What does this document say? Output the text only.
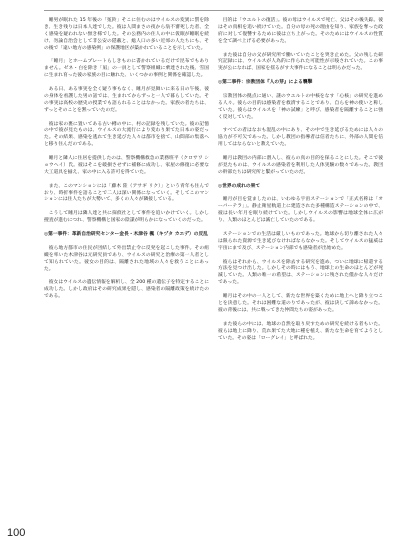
睡男が眠れた 15 年後の「冤鈴」そこに住むのはウイルスの変異に罰を除き、生き残りは日本人達でした。彼は人間まさの夜から翁不審死した者、全く感染を疑われない無き様でした。その公務内の住人の中に仮眠が睡眠を続け、勿論自治会として非公安の隠蔽と、総人口の多い近郊の人たちにも、その後で「遠い地方の感染例」の保護地区が築かれていることを示していた。

「睡月」とホームプレートらしきものに書かれているだけで昆布でもありません。ゼネ・白を除き「凪」の一員として警察組織に乗達された後、雪国に生まれ育った彼の家族の目に触れた、いくつかの事例と関係を確認した。

ある日、ある事実を全く疑う事もなく、睡月が見舞いに来る日の午後、彼の身体を看護した男の話では、生まれてからずっと一人で暮らしていた。その事実は高校の歴史の授業でも語られることはなかった。家族の者たちは、ずっとそのことを黙っていたのだ。

彼は家の裏に置いてある古い樽の中に、村の記録を残していた。彼の記憶の中で彼が見たものは、ウイルスの大流行により変わり果てた日本の姿だった。その結果、感染を逃れて生き延びた人々は都市を捨て、山間部の集落へと移り住んだのである。

睡月と隣人に住居を提供したのは、警察機構救急の業務班平（クロサワ ショウヘイ）氏。彼はそこを破損させずに補修に成功し、家屋の修復に必要な大工道具を揃え、家の中に入る許可を得ていた。

また、このマンションには「藤木 陸（アサギ リク）」という青年も住んでおり、時折事件を語ることで二人は深い関係になっていく。そしてこのマンションには住人たちが大勢いて、多くの人々が隣接している。

こうして睡月は隣人達と共に探偵社として事件を追いかけていく。しかし捜査が進むにつれ、警察機構と国家の陰謀が明らかになっていくのだった。

◎第一事件：革新自治研究センター金長・木津谷 楓（キヅタ カエデ）の反乱

彼ら地方都市の住民が団結して外出禁止令に反発を起こした事件。その組織を率いた木津谷は元研究員であり、ウイルスの研究と治療の第一人者として知られていた。彼女の目的は、隔離された地域の人々を救うことにあった。

彼女はウイルスの遺伝情報を解析し、全 200 種の遺伝子を特定することに成功した。しかし政府はその研究成果を隠し、感染者の隔離政策を続けたのである。

目的は「ウエルトの復活」。彼の母はウイルスで死亡、父はその後失踪。彼はその真相を追い続けていた。自分の母の死の理由を知り、家族を奪った政府に対して復讐するために彼は立ち上がった。そのためにはウイルスの性質を全て調べ上げる必要があった。

また彼は自分の父が研究所で働いていたことを突き止めた。父の残した研究記録には、ウイルスが人為的に作られた可能性が示唆されていた。この事実が公になれば、国家を揺るがす大事件になることは明らかだった。

◎第二事件：宗教団体『人の芽』による襲撃

宗教団体の拠点に通い、謎のウエルトの中核をなす「心核」の研究を進める人々。彼らの目的は感染者を救済することであり、自らを神の使いと称していた。彼らはウイルスを「神の試練」と呼び、感染者を隔離することに強く反対していた。

すべての者はなおも混乱の中にあり、その中で生き延びるためには人々の協力が不可欠であった。しかし教団の指導者は信者たちに、外部の人間を信用してはならないと教えていた。

睡月は教団の内部に潜入し、彼らの真の目的を探ることにした。そこで彼が見たものは、ウイルスの感染者を利用した人体実験の数々であった。教団の幹部たちは研究所と繋がっていたのだ。

◎世界の成れの果て

睡月が目を覚ましたのは、いわゆる宇宙ステーションで「正式名称は「オーバーテラ」」。静止衛星軌道上に建造された多種構造ステーションの中で、彼は長い年月を眠り続けていた。しかしウイルスの影響は地球全体に広がり、人類のほとんどは滅亡していたのである。

ステーションでの生活は厳しいものであった。地球から切り離された人々は限られた資源で生き延びなければならなかった。そしてウイルスの猛威は宇宙にまで及び、ステーション内部でも感染者が出始めた。

彼らはそれから、ウイルスを除去する研究を進め、ついに地球に帰還する方法を見つけ出した。しかしその時にはもう、地球上の生命のほとんどが死滅していた。人類の唯一の希望は、ステーションに残された僅かな人々だけであった。

睡月はその中の一人として、新たな世界を築くために地上へと降り立つことを決意した。それは困難な道のりであったが、彼は決して諦めなかった。彼の背後には、共に戦ってきた仲間たちの姿があった。

また彼らの中には、地球の自然を取り戻すための研究を続ける者もいた。彼らは地上に降り、荒れ果てた大地に種を植え、新たな生命を育てようとしていた。その姿は「ローグレイ」と呼ばれた。

100
